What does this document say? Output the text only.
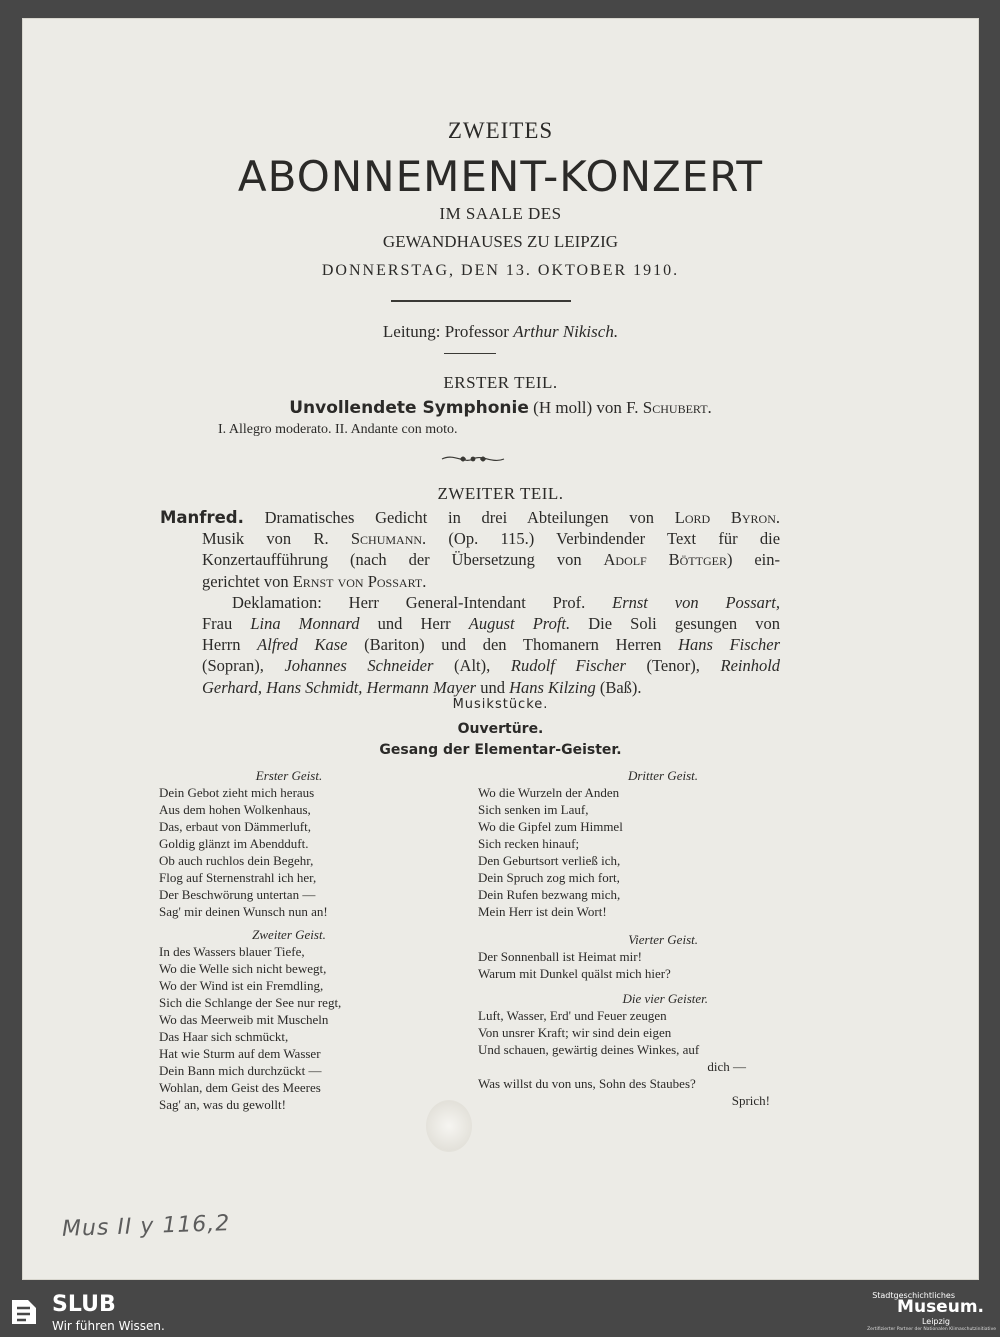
ZWEITES
ABONNEMENT-KONZERT
IM SAALE DES
GEWANDHAUSES ZU LEIPZIG
DONNERSTAG, DEN 13. OKTOBER 1910.
Leitung: Professor Arthur Nikisch.
ERSTER TEIL.
Unvollendete Symphonie (H moll) von F. Schubert.
I. Allegro moderato. II. Andante con moto.
ZWEITER TEIL.
Manfred. Dramatisches Gedicht in drei Abteilungen von Lord Byron.
Musik von R. Schumann. (Op. 115.) Verbindender Text für die
Konzertaufführung (nach der Übersetzung von Adolf Böttger) ein-
gerichtet von Ernst von Possart.
Deklamation: Herr General-Intendant Prof. Ernst von Possart,
Frau Lina Monnard und Herr August Proft. Die Soli gesungen von
Herrn Alfred Kase (Bariton) und den Thomanern Herren Hans Fischer
(Sopran), Johannes Schneider (Alt), Rudolf Fischer (Tenor), Reinhold
Gerhard, Hans Schmidt, Hermann Mayer und Hans Kilzing (Baß).
Musikstücke.
Ouvertüre.
Gesang der Elementar-Geister.
Erster Geist.
Dein Gebot zieht mich heraus
Aus dem hohen Wolkenhaus,
Das, erbaut von Dämmerluft,
Goldig glänzt im Abendduft.
Ob auch ruchlos dein Begehr,
Flog auf Sternenstrahl ich her,
Der Beschwörung untertan —
Sag' mir deinen Wunsch nun an!
Zweiter Geist.
In des Wassers blauer Tiefe,
Wo die Welle sich nicht bewegt,
Wo der Wind ist ein Fremdling,
Sich die Schlange der See nur regt,
Wo das Meerweib mit Muscheln
Das Haar sich schmückt,
Hat wie Sturm auf dem Wasser
Dein Bann mich durchzückt —
Wohlan, dem Geist des Meeres
Sag' an, was du gewollt!
Dritter Geist.
Wo die Wurzeln der Anden
Sich senken im Lauf,
Wo die Gipfel zum Himmel
Sich recken hinauf;
Den Geburtsort verließ ich,
Dein Spruch zog mich fort,
Dein Rufen bezwang mich,
Mein Herr ist dein Wort!
Vierter Geist.
Der Sonnenball ist Heimat mir!
Warum mit Dunkel quälst mich hier?
Die vier Geister.
Luft, Wasser, Erd' und Feuer zeugen
Von unsrer Kraft; wir sind dein eigen
Und schauen, gewärtig deines Winkes, auf
dich —
Was willst du von uns, Sohn des Staubes?
Sprich!
Mus II y 116,2
SLUB
Wir führen Wissen.
Stadtgeschichtliches
Museum.
Leipzig
Zertifizierter Partner der Nationalen Klimaschutzinitiative
